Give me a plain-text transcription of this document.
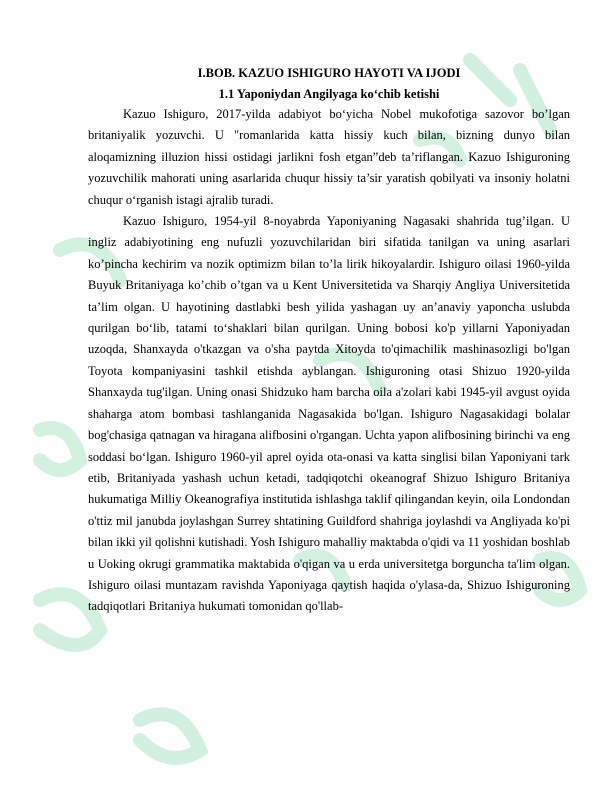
I.BOB. KAZUO ISHIGURO HAYOTI VA IJODI

1.1 Yaponiydan Angilyaga ko‘chib ketishi

Kazuo Ishiguro, 2017-yilda adabiyot bo‘yicha Nobel mukofotiga sazovor bo’lgan britaniyalik yozuvchi. U "romanlarida katta hissiy kuch bilan, bizning dunyo bilan aloqamizning illuzion hissi ostidagi jarlikni fosh etgan”deb ta’riflangan. Kazuo Ishiguroning yozuvchilik mahorati uning asarlarida chuqur hissiy ta’sir yaratish qobilyati va insoniy holatni chuqur o‘rganish istagi ajralib turadi.

Kazuo Ishiguro, 1954-yil 8-noyabrda Yaponiyaning Nagasaki shahrida tug’ilgan. U ingliz adabiyotining eng nufuzli yozuvchilaridan biri sifatida tanilgan va uning asarlari ko’pincha kechirim va nozik optimizm bilan to’la lirik hikoyalardir. Ishiguro oilasi 1960-yilda Buyuk Britaniyaga ko’chib o’tgan va u Kent Universitetida va Sharqiy Angliya Universitetida ta’lim olgan. U hayotining dastlabki besh yilida yashagan uy an’anaviy yaponcha uslubda qurilgan bo‘lib, tatami to‘shaklari bilan qurilgan. Uning bobosi ko'p yillarni Yaponiyadan uzoqda, Shanxayda o'tkazgan va o'sha paytda Xitoyda to'qimachilik mashinasozligi bo'lgan Toyota kompaniyasini tashkil etishda ayblangan. Ishiguroning otasi Shizuo 1920-yilda Shanxayda tug'ilgan. Uning onasi Shidzuko ham barcha oila a'zolari kabi 1945-yil avgust oyida shaharga atom bombasi tashlanganida Nagasakida bo'lgan. Ishiguro Nagasakidagi bolalar bog'chasiga qatnagan va hiragana alifbosini o'rgangan. Uchta yapon alifbosining birinchi va eng soddasi bo‘lgan. Ishiguro 1960-yil aprel oyida ota-onasi va katta singlisi bilan Yaponiyani tark etib, Britaniyada yashash uchun ketadi, tadqiqotchi okeanograf Shizuo Ishiguro Britaniya hukumatiga Milliy Okeanografiya institutida ishlashga taklif qilingandan keyin, oila Londondan o'ttiz mil janubda joylashgan Surrey shtatining Guildford shahriga joylashdi va Angliyada ko'pi bilan ikki yil qolishni kutishadi. Yosh Ishiguro mahalliy maktabda o'qidi va 11 yoshidan boshlab u Uoking okrugi grammatika maktabida o'qigan va u erda universitetga borguncha ta'lim olgan. Ishiguro oilasi muntazam ravishda Yaponiyaga qaytish haqida o'ylasa-da, Shizuo Ishiguroning tadqiqotlari Britaniya hukumati tomonidan qo'llab-
